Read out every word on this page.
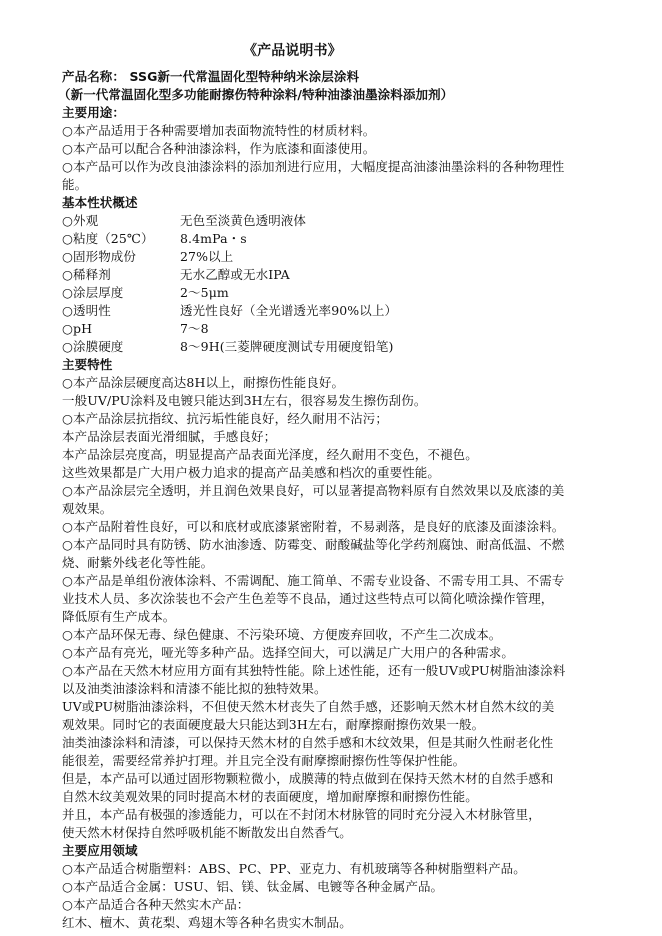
《产品说明书》
产品名称： SSG新一代常温固化型特种纳米涂层涂料
（新一代常温固化型多功能耐擦伤特种涂料/特种油漆油墨涂料添加剂）
主要用途：
○本产品适用于各种需要增加表面物流特性的材质材料。
○本产品可以配合各种油漆涂料，作为底漆和面漆使用。
○本产品可以作为改良油漆涂料的添加剂进行应用，大幅度提高油漆油墨涂料的各种物理性
能。
基本性状概述
○外观	无色至淡黄色透明液体
○粘度（25℃） 8.4mPa・s
○固形物成份	27%以上
○稀释剂	无水乙醇或无水IPA
○涂层厚度	2～5μm
○透明性	透光性良好（全光谱透光率90%以上）
○pH	7～8
○涂膜硬度	8～9H(三菱牌硬度测试专用硬度铅笔)
主要特性
○本产品涂层硬度高达8H以上，耐擦伤性能良好。
一般UV/PU涂料及电镀只能达到3H左右，很容易发生擦伤刮伤。
○本产品涂层抗指纹、抗污垢性能良好，经久耐用不沾污；
本产品涂层表面光滑细腻，手感良好；
本产品涂层亮度高，明显提高产品表面光泽度，经久耐用不变色，不褪色。
这些效果都是广大用户极力追求的提高产品美感和档次的重要性能。
○本产品涂层完全透明，并且润色效果良好，可以显著提高物料原有自然效果以及底漆的美
观效果。
○本产品附着性良好，可以和底材或底漆紧密附着，不易剥落，是良好的底漆及面漆涂料。
○本产品同时具有防锈、防水油渗透、防霉变、耐酸碱盐等化学药剂腐蚀、耐高低温、不燃
烧、耐紫外线老化等性能。
○本产品是单组份液体涂料、不需调配、施工简单、不需专业设备、不需专用工具、不需专
业技术人员、多次涂装也不会产生色差等不良品，通过这些特点可以简化喷涂操作管理，
降低原有生产成本。
○本产品环保无毒、绿色健康、不污染环境、方便废弃回收，不产生二次成本。
○本产品有亮光，哑光等多种产品。选择空间大，可以满足广大用户的各种需求。
○本产品在天然木材应用方面有其独特性能。除上述性能，还有一般UV或PU树脂油漆涂料
以及油类油漆涂料和清漆不能比拟的独特效果。
UV或PU树脂油漆涂料，不但使天然木材丧失了自然手感，还影响天然木材自然木纹的美
观效果。同时它的表面硬度最大只能达到3H左右，耐摩擦耐擦伤效果一般。
油类油漆涂料和清漆，可以保持天然木材的自然手感和木纹效果，但是其耐久性耐老化性
能很差，需要经常养护打理。并且完全没有耐摩擦耐擦伤性等保护性能。
但是，本产品可以通过固形物颗粒微小，成膜薄的特点做到在保持天然木材的自然手感和
自然木纹美观效果的同时提高木材的表面硬度，增加耐摩擦和耐擦伤性能。
并且，本产品有极强的渗透能力，可以在不封闭木材脉管的同时充分浸入木材脉管里，
使天然木材保持自然呼吸机能不断散发出自然香气。
主要应用领域
○本产品适合树脂塑料：ABS、PC、PP、亚克力、有机玻璃等各种树脂塑料产品。
○本产品适合金属：USU、铝、镁、钛金属、电镀等各种金属产品。
○本产品适合各种天然实木产品：
红木、檀木、黄花梨、鸡翅木等各种名贵实木制品。
